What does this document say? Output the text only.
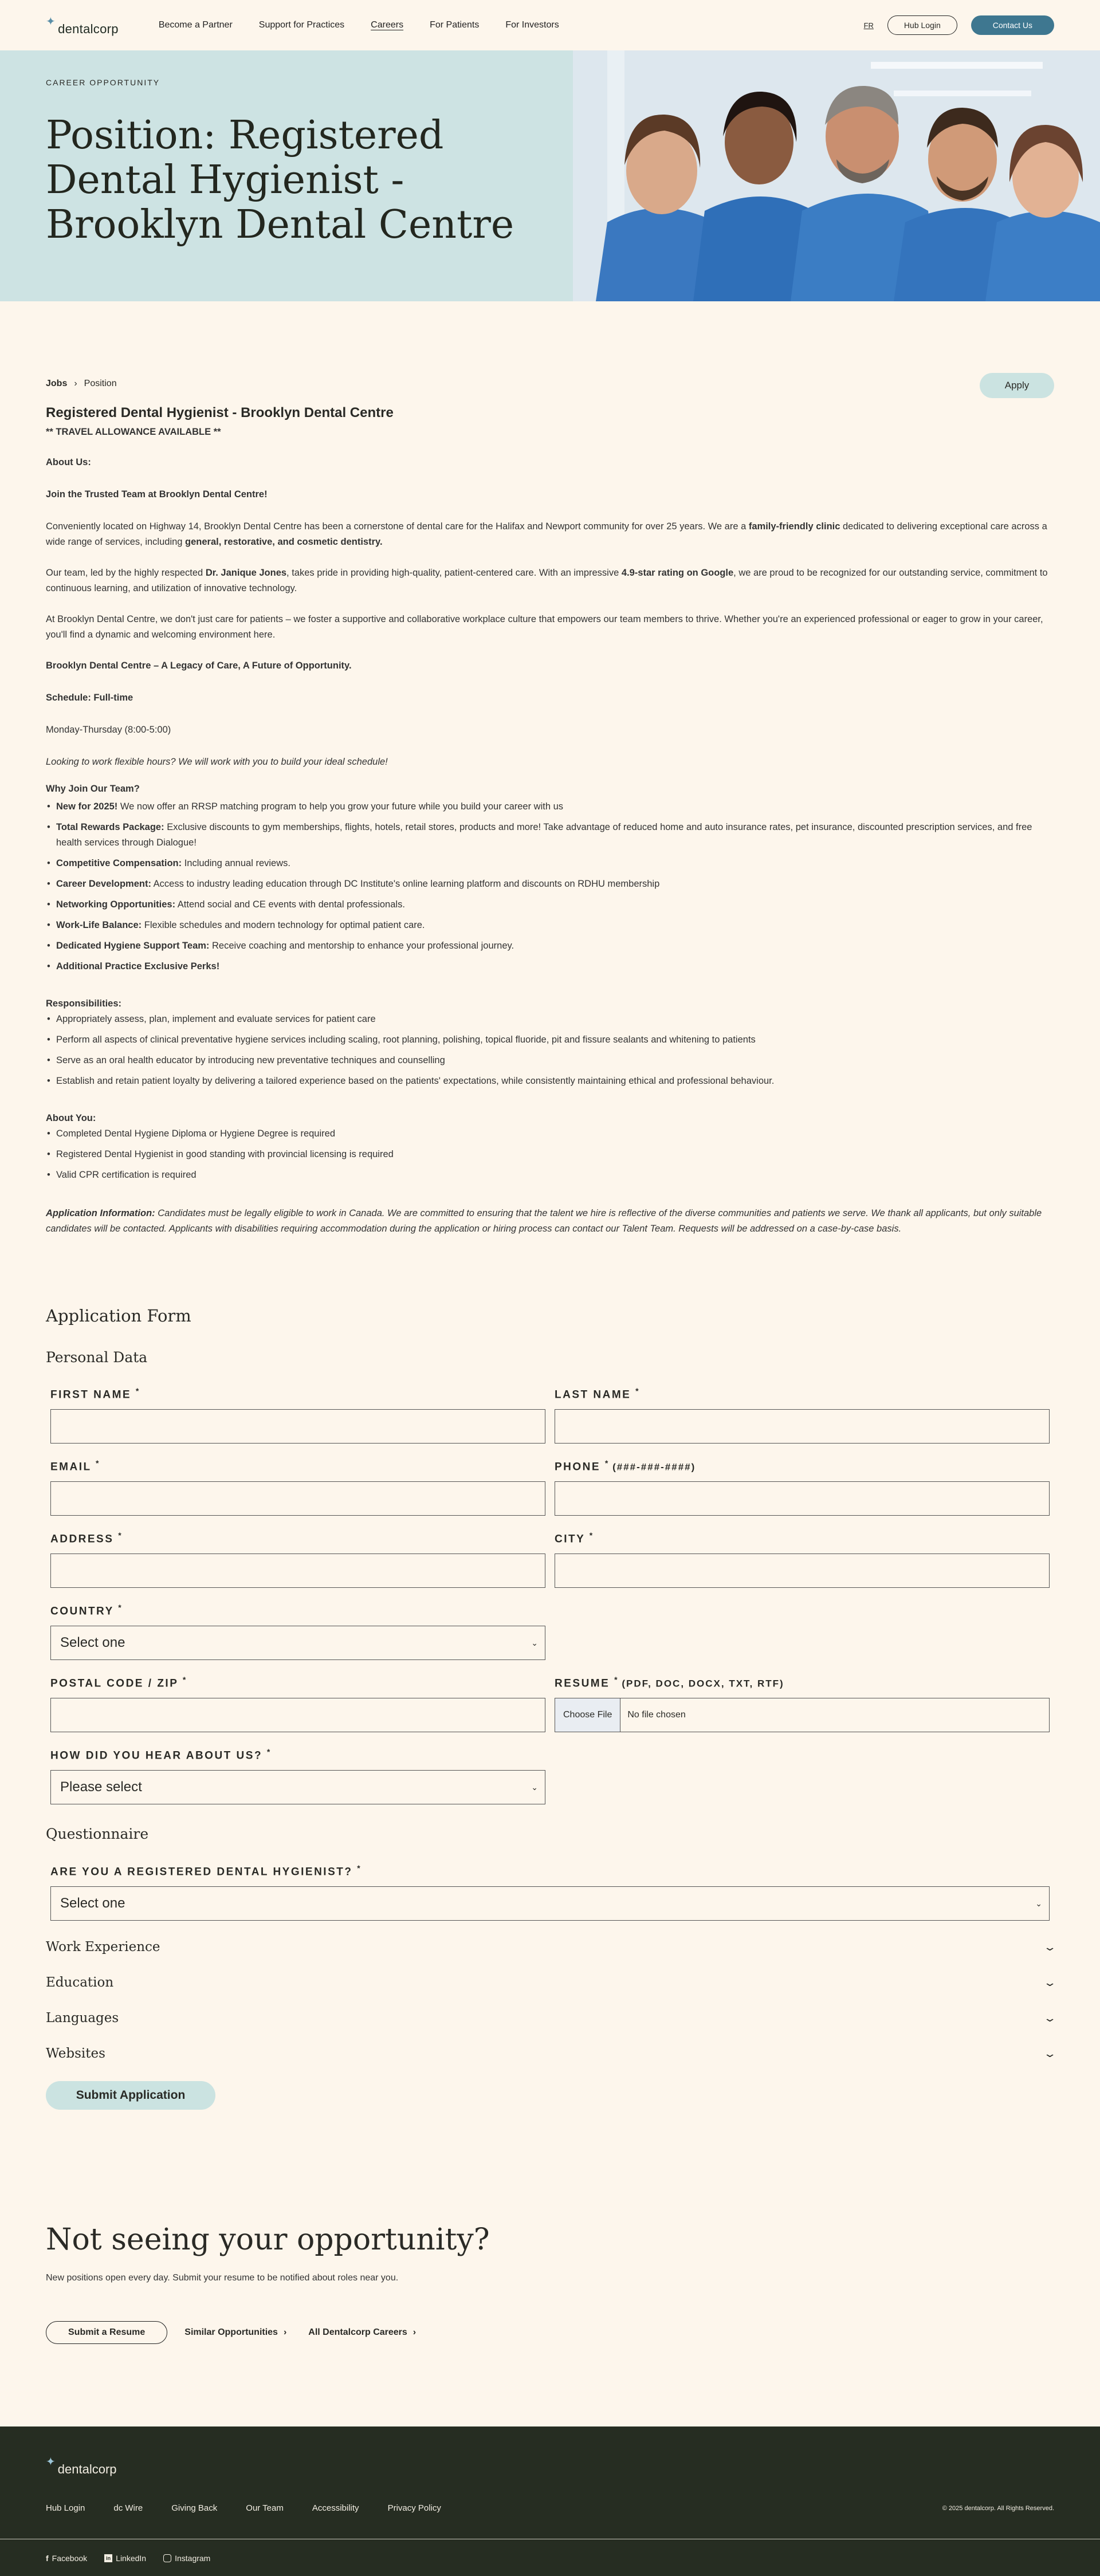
✦ dentalcorp	Become a Partner	Support for Practices	Careers	For Patients	For Investors	FR	Hub Login	Contact Us
CAREER OPPORTUNITY
Position: Registered Dental Hygienist - Brooklyn Dental Centre
Jobs › Position	Apply
Registered Dental Hygienist - Brooklyn Dental Centre
** TRAVEL ALLOWANCE AVAILABLE **
About Us:
Join the Trusted Team at Brooklyn Dental Centre!

Conveniently located on Highway 14, Brooklyn Dental Centre has been a cornerstone of dental care for the Halifax and Newport community for over 25 years. We are a family-friendly clinic dedicated to delivering exceptional care across a wide range of services, including general, restorative, and cosmetic dentistry.

Our team, led by the highly respected Dr. Janique Jones, takes pride in providing high-quality, patient-centered care. With an impressive 4.9-star rating on Google, we are proud to be recognized for our outstanding service, commitment to continuous learning, and utilization of innovative technology.

At Brooklyn Dental Centre, we don't just care for patients – we foster a supportive and collaborative workplace culture that empowers our team members to thrive. Whether you're an experienced professional or eager to grow in your career, you'll find a dynamic and welcoming environment here.

Brooklyn Dental Centre – A Legacy of Care, A Future of Opportunity.
Schedule: Full-time
Monday-Thursday (8:00-5:00)
Looking to work flexible hours? We will work with you to build your ideal schedule!
Why Join Our Team?
• New for 2025! We now offer an RRSP matching program to help you grow your future while you build your career with us
• Total Rewards Package: Exclusive discounts to gym memberships, flights, hotels, retail stores, products and more! Take advantage of reduced home and auto insurance rates, pet insurance, discounted prescription services, and free health services through Dialogue!
• Competitive Compensation: Including annual reviews.
• Career Development: Access to industry leading education through DC Institute's online learning platform and discounts on RDHU membership
• Networking Opportunities: Attend social and CE events with dental professionals.
• Work-Life Balance: Flexible schedules and modern technology for optimal patient care.
• Dedicated Hygiene Support Team: Receive coaching and mentorship to enhance your professional journey.
• Additional Practice Exclusive Perks!
Responsibilities:
• Appropriately assess, plan, implement and evaluate services for patient care
• Perform all aspects of clinical preventative hygiene services including scaling, root planning, polishing, topical fluoride, pit and fissure sealants and whitening to patients
• Serve as an oral health educator by introducing new preventative techniques and counselling
• Establish and retain patient loyalty by delivering a tailored experience based on the patients' expectations, while consistently maintaining ethical and professional behaviour.
About You:
• Completed Dental Hygiene Diploma or Hygiene Degree is required
• Registered Dental Hygienist in good standing with provincial licensing is required
• Valid CPR certification is required

Application Information: Candidates must be legally eligible to work in Canada. We are committed to ensuring that the talent we hire is reflective of the diverse communities and patients we serve. We thank all applicants, but only suitable candidates will be contacted. Applicants with disabilities requiring accommodation during the application or hiring process can contact our Talent Team. Requests will be addressed on a case-by-case basis.

Application Form
Personal Data
FIRST NAME *	LAST NAME *
EMAIL *	PHONE * (###-###-####)
ADDRESS *	CITY *
COUNTRY *
Select one	⌄
POSTAL CODE / ZIP *	RESUME * (PDF, DOC, DOCX, TXT, RTF)
Choose File	No file chosen
HOW DID YOU HEAR ABOUT US? *
Please select	⌄
Questionnaire
ARE YOU A REGISTERED DENTAL HYGIENIST? *
Select one	⌄
Work Experience	⌄
Education	⌄
Languages	⌄
Websites	⌄
Submit Application
Not seeing your opportunity?
New positions open every day. Submit your resume to be notified about roles near you.
Submit a Resume	Similar Opportunities › All Dentalcorp Careers ›
✦ dentalcorp
Hub Login	dc Wire	Giving Back	Our Team	Accessibility	Privacy Policy	© 2025 dentalcorp. All Rights Reserved.
f Facebook	in LinkedIn	Instagram
